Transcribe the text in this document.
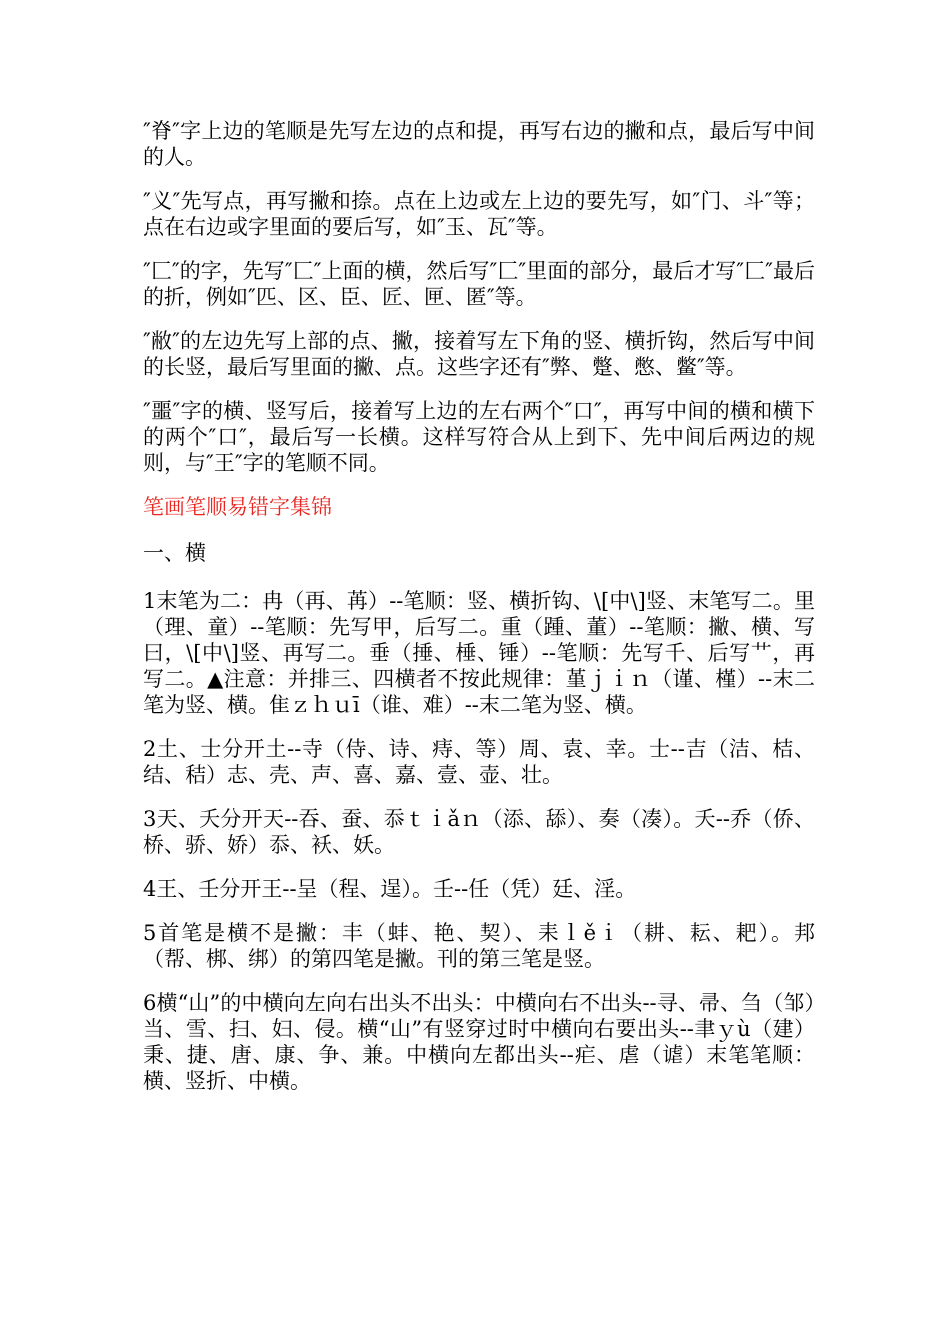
″脊″字上边的笔顺是先写左边的点和提，再写右边的撇和点，最后写中间的人。

″义″先写点，再写撇和捺。点在上边或左上边的要先写，如″门、斗″等；点在右边或字里面的要后写，如″玉、瓦″等。

″匚″的字，先写″匚″上面的横，然后写″匚″里面的部分，最后才写″匚″最后的折，例如″匹、区、臣、匠、匣、匿″等。

″敝″的左边先写上部的点、撇，接着写左下角的竖、横折钩，然后写中间的长竖，最后写里面的撇、点。这些字还有″弊、蹩、憋、鳖″等。

″噩″字的横、竖写后，接着写上边的左右两个″口″，再写中间的横和横下的两个″口″，最后写一长横。这样写符合从上到下、先中间后两边的规则，与″王″字的笔顺不同。

笔画笔顺易错字集锦

一、横

1末笔为二：冉（再、苒）--笔顺：竖、横折钩、\[中\]竖、末笔写二。里（理、童）--笔顺：先写甲，后写二。重（踵、董）--笔顺：撇、横、写曰，\[中\]竖、再写二。垂（捶、棰、锤）--笔顺：先写千、后写艹，再写二。▲注意：并排三、四横者不按此规律：堇ｊｉｎ（谨、槿）--末二笔为竖、横。隹ｚｈｕī（谁、难）--末二笔为竖、横。

2土、士分开土--寺（侍、诗、痔、等）周、袁、幸。士--吉（洁、桔、结、秸）志、壳、声、喜、嘉、壹、壶、壮。

3天、夭分开天--吞、蚕、忝ｔｉǎｎ（添、舔）、奏（凑）。夭--乔（侨、桥、骄、娇）忝、袄、妖。

4王、壬分开王--呈（程、逞）。壬--任（凭）廷、淫。

5首笔是横不是撇：丰（蚌、艳、契）、耒ｌěｉ（耕、耘、耙）。邦（帮、梆、绑）的第四笔是撇。刊的第三笔是竖。

6横“山”的中横向左向右出头不出头：中横向右不出头--寻、帚、刍（邹）当、雪、扫、妇、侵。横“山”有竖穿过时中横向右要出头--聿ｙù（建）秉、捷、唐、康、争、兼。中横向左都出头--疟、虐（谑）末笔笔顺：横、竖折、中横。
